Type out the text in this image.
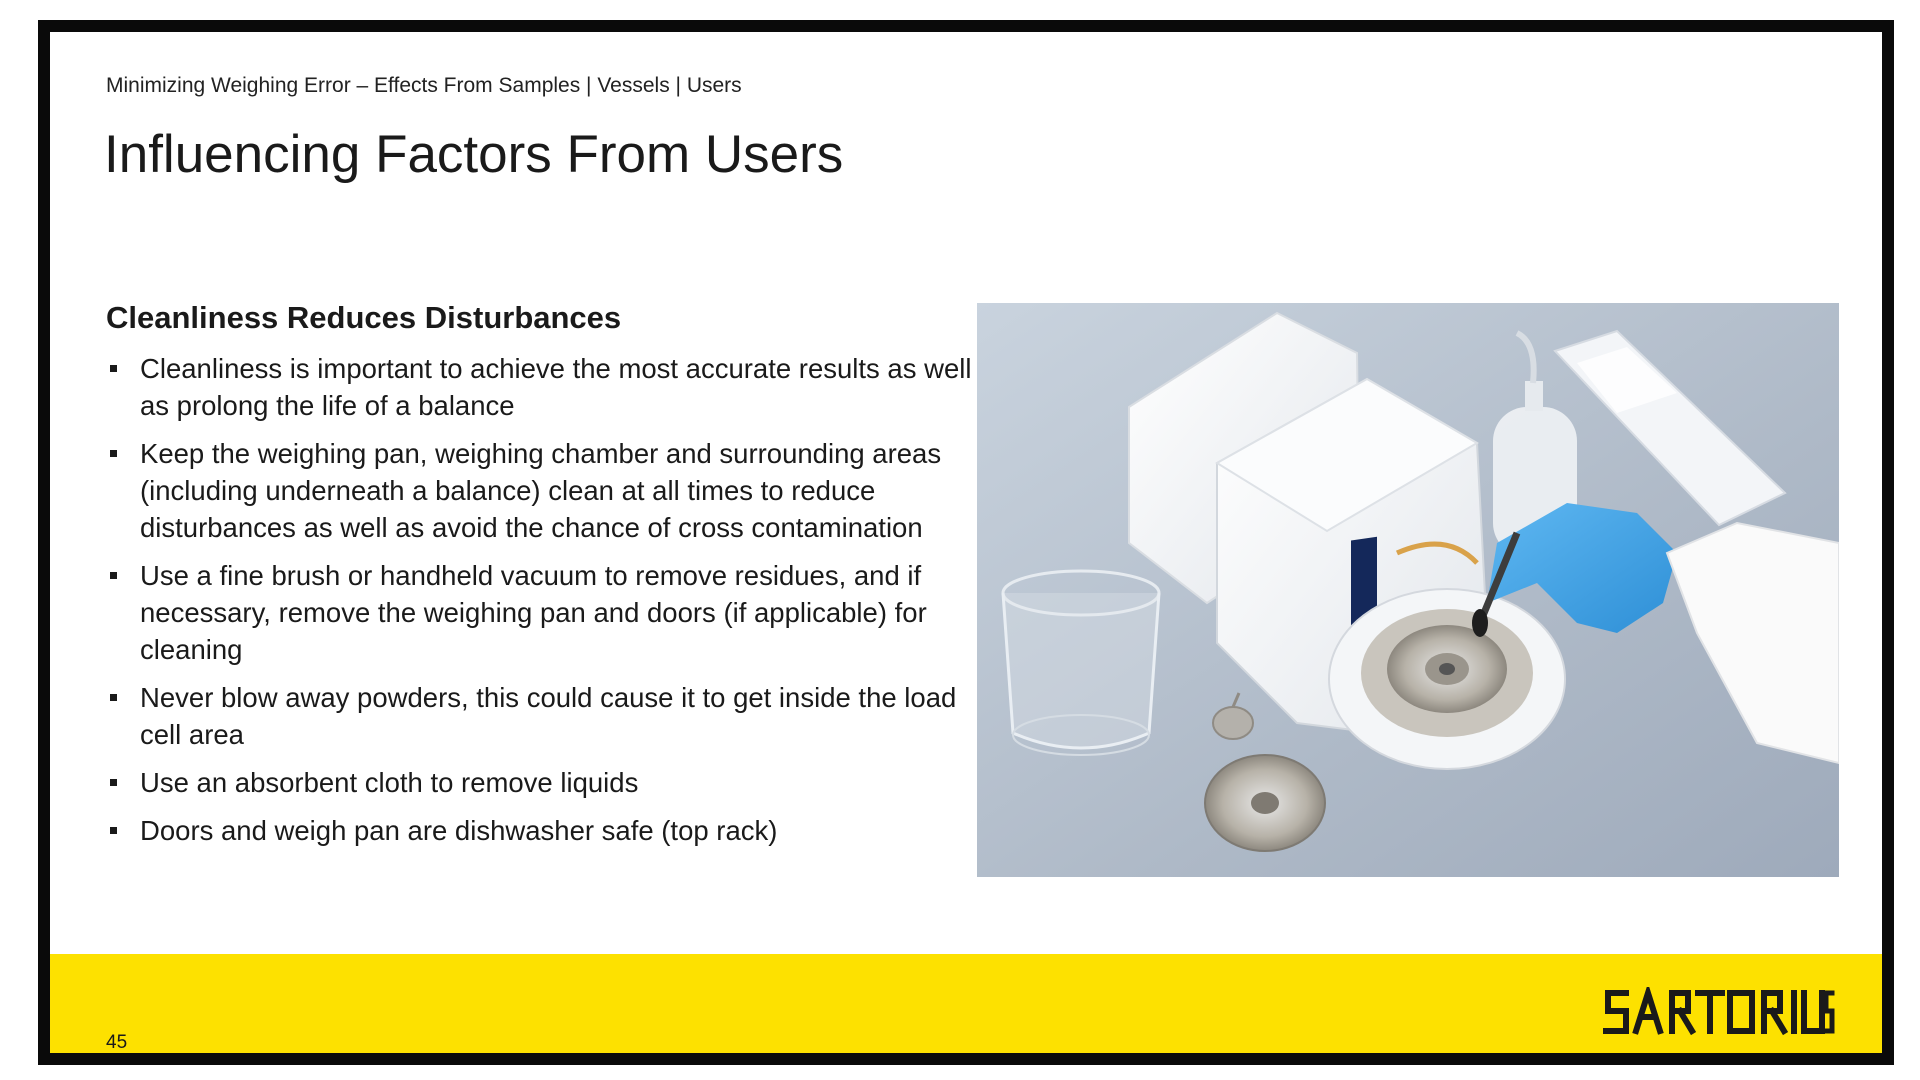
Minimizing Weighing Error – Effects From Samples | Vessels | Users
Influencing Factors From Users
Cleanliness Reduces Disturbances
Cleanliness is important to achieve the most accurate results as well as prolong the life of a balance
Keep the weighing pan, weighing chamber and surrounding areas (including underneath a balance) clean at all times to reduce disturbances as well as avoid the chance of cross contamination
Use a fine brush or handheld vacuum to remove residues, and if necessary, remove the weighing pan and doors (if applicable) for cleaning
Never blow away powders, this could cause it to get inside the load cell area
Use an absorbent cloth to remove liquids
Doors and weigh pan are dishwasher safe (top rack)
45
